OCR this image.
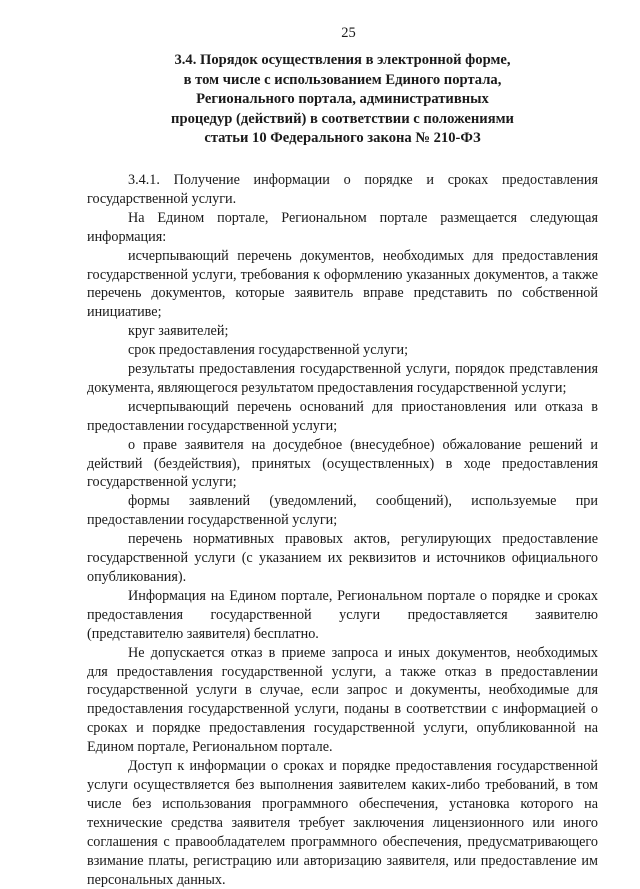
25
3.4. Порядок осуществления в электронной форме,
в том числе с использованием Единого портала,
Регионального портала, административных
процедур (действий) в соответствии с положениями
статьи 10 Федерального закона № 210-ФЗ

3.4.1. Получение информации о порядке и сроках предоставления государственной услуги.

На Едином портале, Региональном портале размещается следующая информация:

исчерпывающий перечень документов, необходимых для предоставления государственной услуги, требования к оформлению указанных документов, а также перечень документов, которые заявитель вправе представить по собственной инициативе;

круг заявителей;

срок предоставления государственной услуги;

результаты предоставления государственной услуги, порядок представления документа, являющегося результатом предоставления государственной услуги;

исчерпывающий перечень оснований для приостановления или отказа в предоставлении государственной услуги;

о праве заявителя на досудебное (внесудебное) обжалование решений и действий (бездействия), принятых (осуществленных) в ходе предоставления государственной услуги;

формы заявлений (уведомлений, сообщений), используемые при предоставлении государственной услуги;

перечень нормативных правовых актов, регулирующих предоставление государственной услуги (с указанием их реквизитов и источников официального опубликования).

Информация на Едином портале, Региональном портале о порядке и сроках предоставления государственной услуги предоставляется заявителю (представителю заявителя) бесплатно.

Не допускается отказ в приеме запроса и иных документов, необходимых для предоставления государственной услуги, а также отказ в предоставлении государственной услуги в случае, если запрос и документы, необходимые для предоставления государственной услуги, поданы в соответствии с информацией о сроках и порядке предоставления государственной услуги, опубликованной на Едином портале, Региональном портале.

Доступ к информации о сроках и порядке предоставления государственной услуги осуществляется без выполнения заявителем каких-либо требований, в том числе без использования программного обеспечения, установка которого на технические средства заявителя требует заключения лицензионного или иного соглашения с правообладателем программного обеспечения, предусматривающего взимание платы, регистрацию или авторизацию заявителя, или предоставление им персональных данных.
